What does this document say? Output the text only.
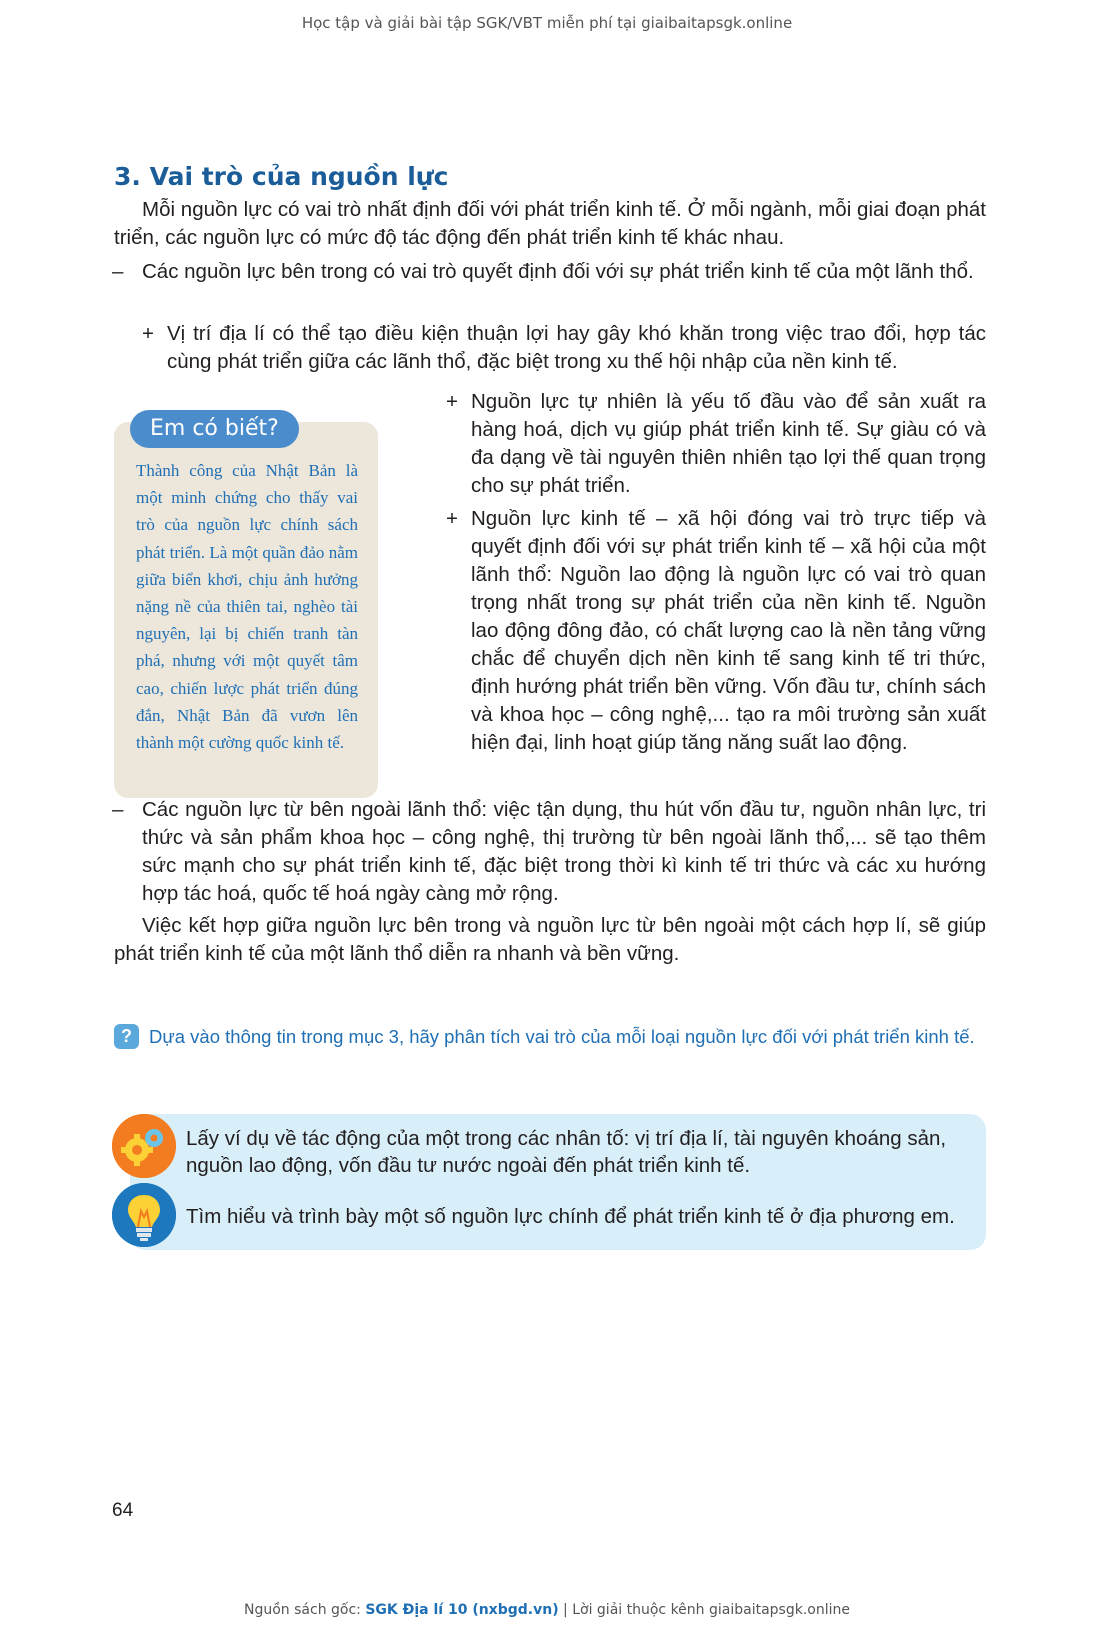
Học tập và giải bài tập SGK/VBT miễn phí tại giaibaitapsgk.online
3. Vai trò của nguồn lực

Mỗi nguồn lực có vai trò nhất định đối với phát triển kinh tế. Ở mỗi ngành, mỗi giai đoạn phát triển, các nguồn lực có mức độ tác động đến phát triển kinh tế khác nhau.

– Các nguồn lực bên trong có vai trò quyết định đối với sự phát triển kinh tế của một lãnh thổ.
+ Vị trí địa lí có thể tạo điều kiện thuận lợi hay gây khó khăn trong việc trao đổi, hợp tác cùng phát triển giữa các lãnh thổ, đặc biệt trong xu thế hội nhập của nền kinh tế.
Em có biết?

Thành công của Nhật Bản là một minh chứng cho thấy vai trò của nguồn lực chính sách phát triển. Là một quần đảo nằm giữa biển khơi, chịu ảnh hưởng nặng nề của thiên tai, nghèo tài nguyên, lại bị chiến tranh tàn phá, nhưng với một quyết tâm cao, chiến lược phát triển đúng đắn, Nhật Bản đã vươn lên thành một cường quốc kinh tế.

+ Nguồn lực tự nhiên là yếu tố đầu vào để sản xuất ra hàng hoá, dịch vụ giúp phát triển kinh tế. Sự giàu có và đa dạng về tài nguyên thiên nhiên tạo lợi thế quan trọng cho sự phát triển.
+ Nguồn lực kinh tế – xã hội đóng vai trò trực tiếp và quyết định đối với sự phát triển kinh tế – xã hội của một lãnh thổ: Nguồn lao động là nguồn lực có vai trò quan trọng nhất trong sự phát triển của nền kinh tế. Nguồn lao động đông đảo, có chất lượng cao là nền tảng vững chắc để chuyển dịch nền kinh tế sang kinh tế tri thức, định hướng phát triển bền vững. Vốn đầu tư, chính sách và khoa học – công nghệ,... tạo ra môi trường sản xuất hiện đại, linh hoạt giúp tăng năng suất lao động.
– Các nguồn lực từ bên ngoài lãnh thổ: việc tận dụng, thu hút vốn đầu tư, nguồn nhân lực, tri thức và sản phẩm khoa học – công nghệ, thị trường từ bên ngoài lãnh thổ,... sẽ tạo thêm sức mạnh cho sự phát triển kinh tế, đặc biệt trong thời kì kinh tế tri thức và các xu hướng hợp tác hoá, quốc tế hoá ngày càng mở rộng.

Việc kết hợp giữa nguồn lực bên trong và nguồn lực từ bên ngoài một cách hợp lí, sẽ giúp phát triển kinh tế của một lãnh thổ diễn ra nhanh và bền vững.

? Dựa vào thông tin trong mục 3, hãy phân tích vai trò của mỗi loại nguồn lực đối với phát triển kinh tế.

Lấy ví dụ về tác động của một trong các nhân tố: vị trí địa lí, tài nguyên khoáng sản, nguồn lao động, vốn đầu tư nước ngoài đến phát triển kinh tế.

Tìm hiểu và trình bày một số nguồn lực chính để phát triển kinh tế ở địa phương em.

64
Nguồn sách gốc: SGK Địa lí 10 (nxbgd.vn) | Lời giải thuộc kênh giaibaitapsgk.online
